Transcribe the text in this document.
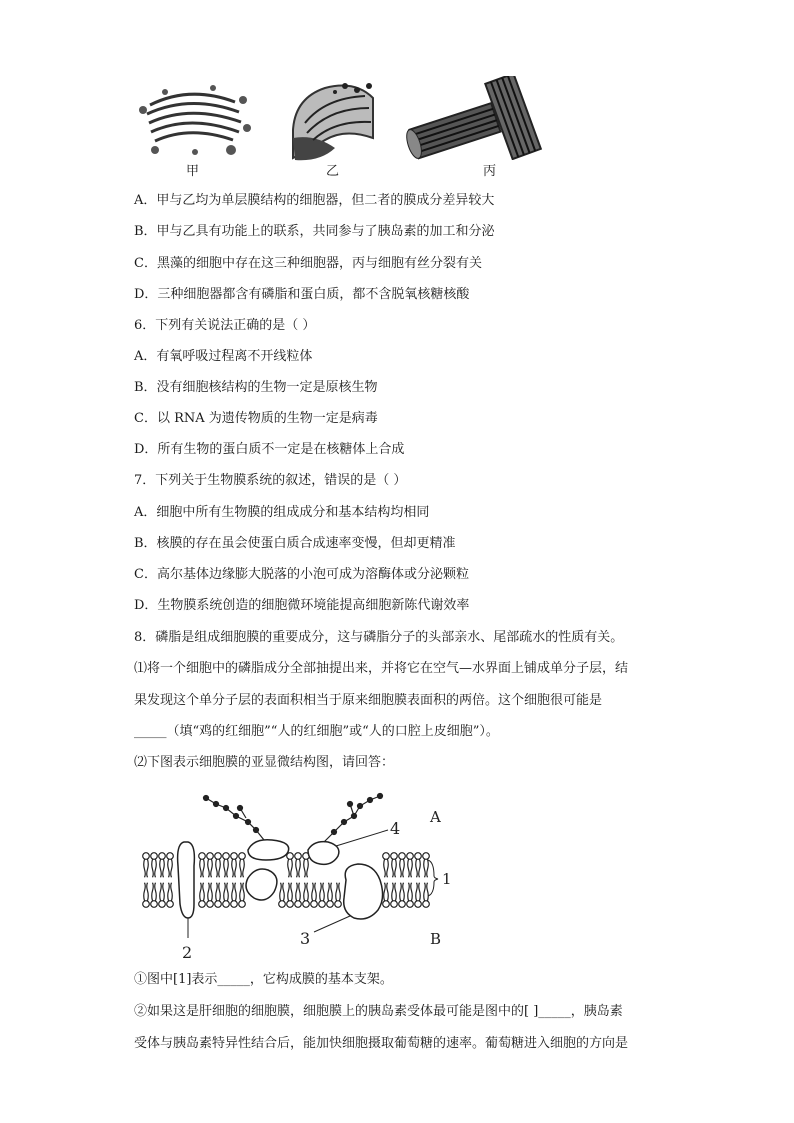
甲	乙	丙
A．甲与乙均为单层膜结构的细胞器，但二者的膜成分差异较大
B．甲与乙具有功能上的联系，共同参与了胰岛素的加工和分泌
C．黑藻的细胞中存在这三种细胞器，丙与细胞有丝分裂有关
D．三种细胞器都含有磷脂和蛋白质，都不含脱氧核糖核酸
6．下列有关说法正确的是（ ）
A．有氧呼吸过程离不开线粒体
B．没有细胞核结构的生物一定是原核生物
C．以 RNA 为遗传物质的生物一定是病毒
D．所有生物的蛋白质不一定是在核糖体上合成
7．下列关于生物膜系统的叙述，错误的是（ ）
A．细胞中所有生物膜的组成成分和基本结构均相同
B．核膜的存在虽会使蛋白质合成速率变慢，但却更精准
C．高尔基体边缘膨大脱落的小泡可成为溶酶体或分泌颗粒
D．生物膜系统创造的细胞微环境能提高细胞新陈代谢效率
8．磷脂是组成细胞膜的重要成分，这与磷脂分子的头部亲水、尾部疏水的性质有关。
⑴将一个细胞中的磷脂成分全部抽提出来，并将它在空气—水界面上铺成单分子层，结
果发现这个单分子层的表面积相当于原来细胞膜表面积的两倍。这个细胞很可能是
_____（填“鸡的红细胞”“人的红细胞”或“人的口腔上皮细胞”）。
⑵下图表示细胞膜的亚显微结构图，请回答：
A
B
1
2
3
4
①图中[1]表示_____，它构成膜的基本支架。
②如果这是肝细胞的细胞膜，细胞膜上的胰岛素受体最可能是图中的[ ]_____，胰岛素
受体与胰岛素特异性结合后，能加快细胞摄取葡萄糖的速率。葡萄糖进入细胞的方向是
